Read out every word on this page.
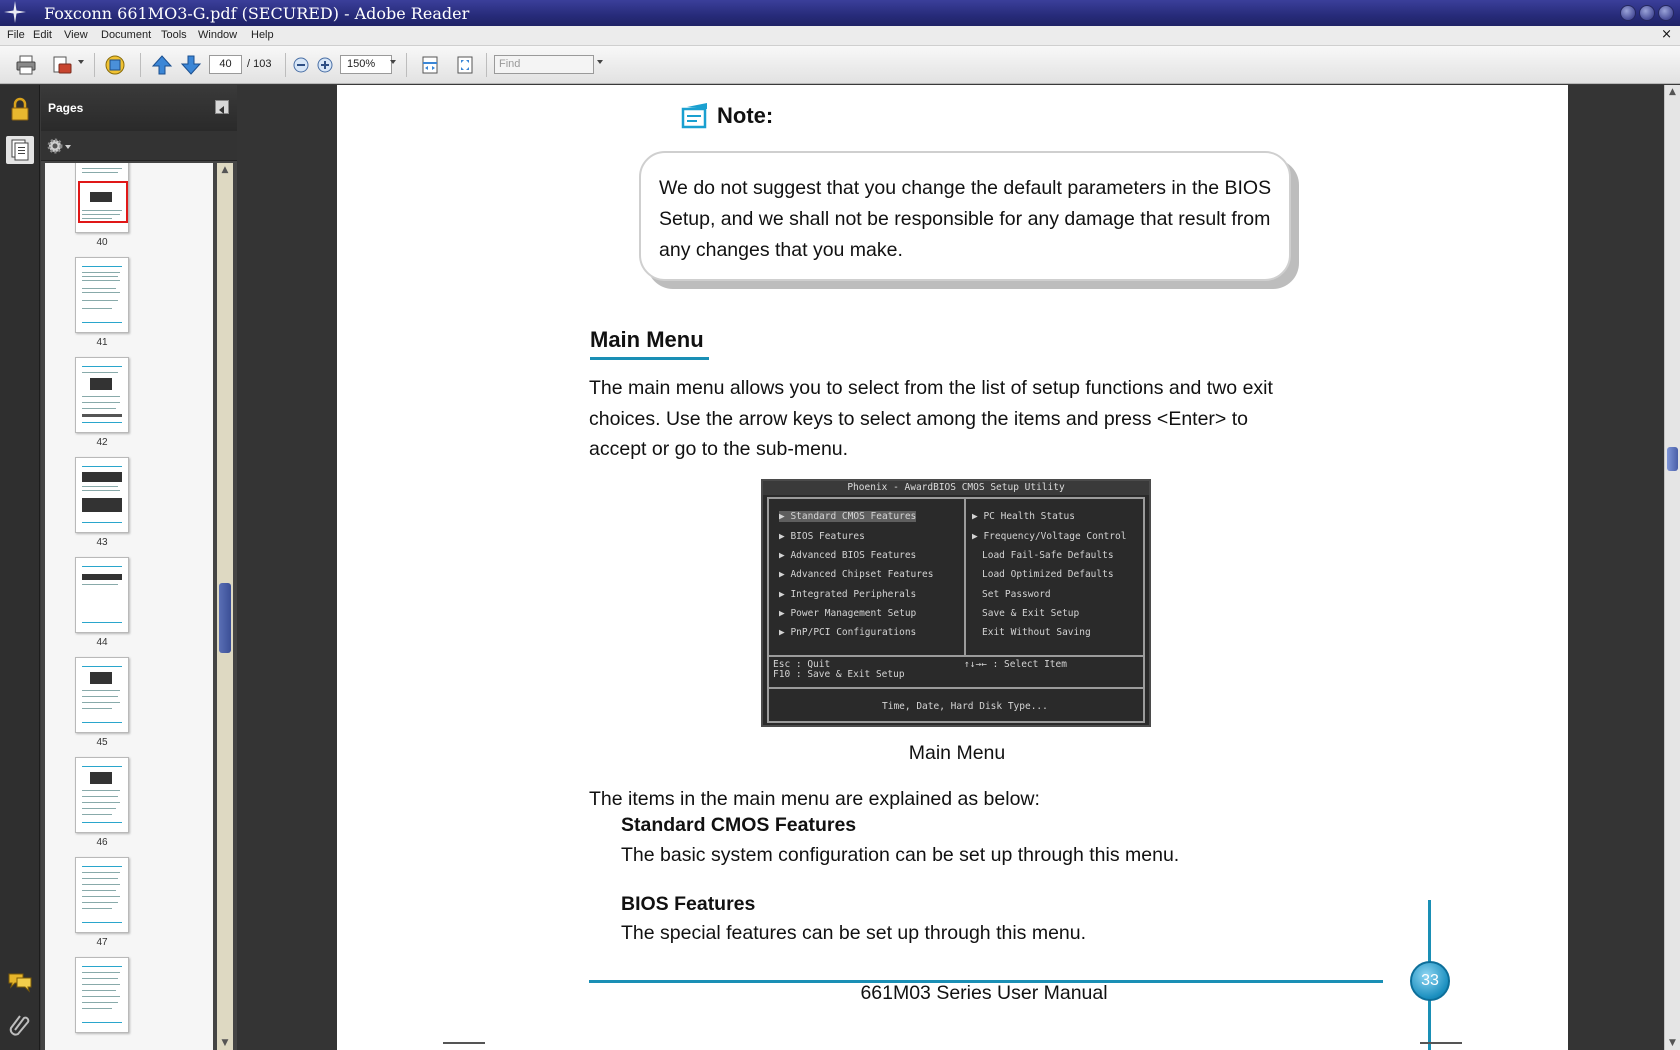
Foxconn 661MO3-G.pdf (SECURED) - Adobe Reader
File Edit View Document Tools Window Help	×
40	/ 103	150%	Find
Pages
40
41
42
43
44
45
46
47
▲
▼
Note:
We do not suggest that you change the default parameters in the BIOS Setup, and we shall not be responsible for any damage that result from any changes that you make.
Main Menu
The main menu allows you to select from the list of setup functions and two exit choices. Use the arrow keys to select among the items and press <Enter> to accept or go to the sub-menu.
Phoenix - AwardBIOS CMOS Setup Utility
▶ Standard CMOS Features
▶ BIOS Features
▶ Advanced BIOS Features
▶ Advanced Chipset Features
▶ Integrated Peripherals
▶ Power Management Setup
▶ PnP/PCI Configurations
▶ PC Health Status
▶ Frequency/Voltage Control
Load Fail-Safe Defaults
Load Optimized Defaults
Set Password
Save & Exit Setup
Exit Without Saving
Esc : Quit
F10 : Save & Exit Setup
↑↓→← : Select Item
Time, Date, Hard Disk Type...
Main Menu
The items in the main menu are explained as below:
Standard CMOS Features
The basic system configuration can be set up through this menu.
BIOS Features
The special features can be set up through this menu.
661M03 Series User Manual
33
▲
▼
